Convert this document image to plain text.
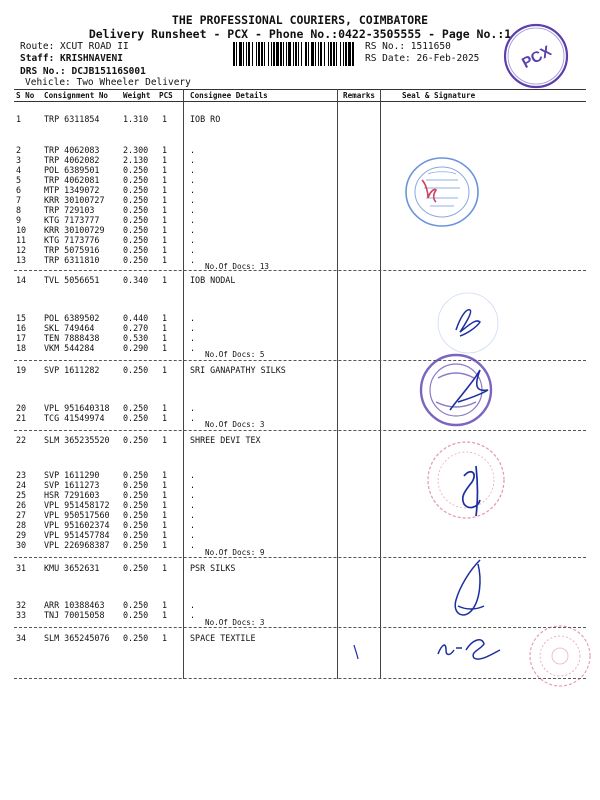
THE PROFESSIONAL COURIERS, COIMBATORE
Delivery Runsheet - PCX - Phone No.:0422-3505555 - Page No.:1
Route: XCUT ROAD II
Staff: KRISHNAVENI
DRS No.: DCJB15116S001
Vehicle: Two Wheeler Delivery
RS No.: 1511650
RS Date: 26-Feb-2025	PCX
S No Consignment No Weight PCS Consignee Details	Remarks	Seal & Signature
1	TRP 6311854	1.310 1	IOB RO
2	TRP 4062083	2.300 1	.
3	TRP 4062082	2.130 1	.
4	POL 6389501	0.250 1	.
5	TRP 4062081	0.250 1	.
6	MTP 1349072	0.250 1	.
7	KRR 30100727 0.250 1	.
8	TRP 729103	0.250 1	.
9	KTG 7173777	0.250 1	.
10 KRR 30100729 0.250 1	.
11 KTG 7173776	0.250 1	.
12 TRP 5075916	0.250 1	.
13 TRP 6311810	0.250 1	.
No.Of Docs: 13
14 TVL 5056651	0.340 1	IOB NODAL
15 POL 6389502	0.440 1	.
16 SKL 749464	0.270 1	.
17 TEN 7888438	0.530 1	.
18 VKM 544284	0.290 1	.
No.Of Docs: 5
19 SVP 1611282	0.250 1	SRI GANAPATHY SILKS
20 VPL 951640318 0.250 1	.
21 TCG 41549974 0.250 1	.
No.Of Docs: 3
22 SLM 365235520 0.250 1	SHREE DEVI TEX
23 SVP 1611290	0.250 1	.
24 SVP 1611273	0.250 1	.
25 HSR 7291603	0.250 1	.
26 VPL 951458172 0.250 1	.
27 VPL 950517560 0.250 1	.
28 VPL 951602374 0.250 1	.
29 VPL 951457784 0.250 1	.
30 VPL 226968387 0.250 1	.
No.Of Docs: 9
31 KMU 3652631	0.250 1	PSR SILKS
32 ARR 10388463 0.250 1	.
33 TNJ 70015058 0.250 1	.
No.Of Docs: 3
34 SLM 365245076 0.250 1	SPACE TEXTILE
